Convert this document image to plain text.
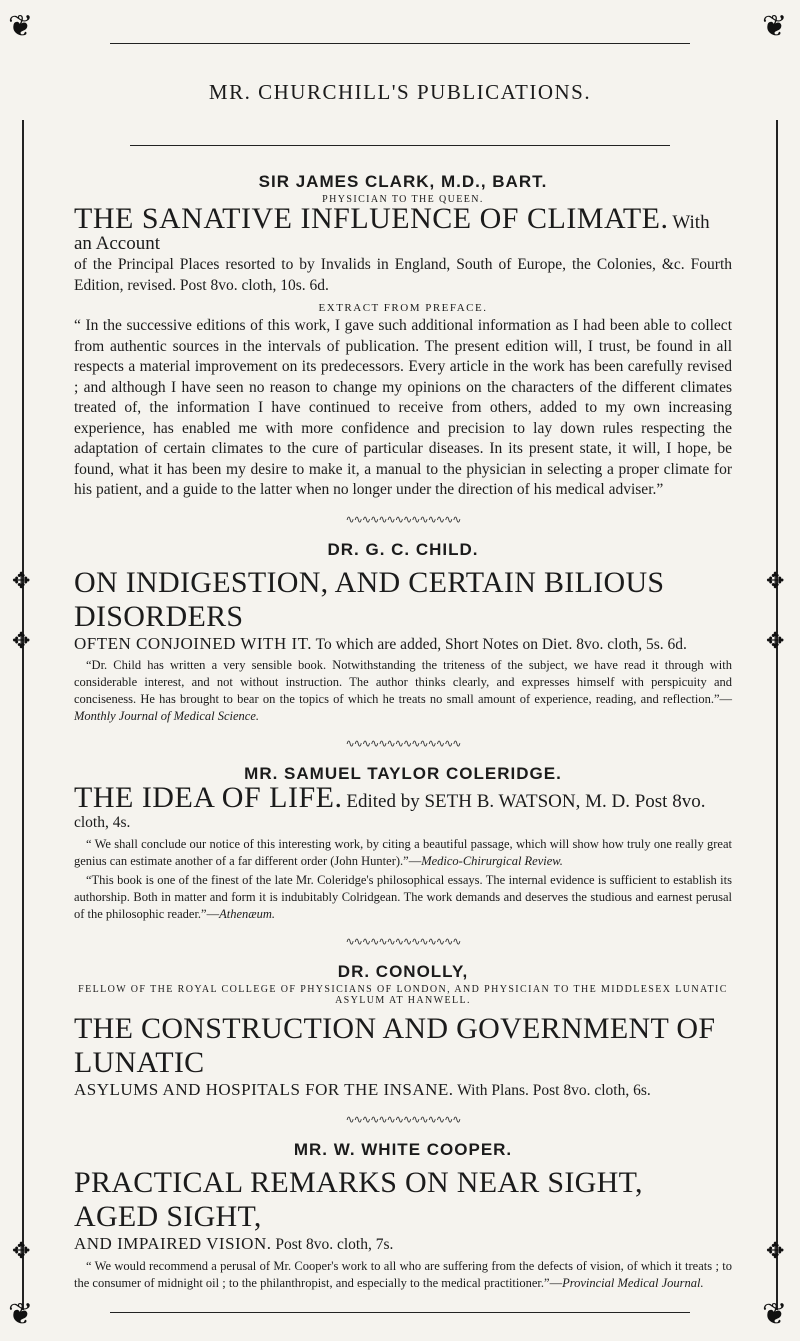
❦	❦
❦	❦
✥	✥
✥	✥
✥	✥
MR. CHURCHILL'S PUBLICATIONS.

SIR JAMES CLARK, M.D., BART.

PHYSICIAN TO THE QUEEN.

THE SANATIVE INFLUENCE OF CLIMATE. With an Account

of the Principal Places resorted to by Invalids in England, South of Europe, the Colonies, &c. Fourth Edition, revised. Post 8vo. cloth, 10s. 6d.

EXTRACT FROM PREFACE.

“ In the successive editions of this work, I gave such additional information as I had been able to collect from authentic sources in the intervals of publication. The present edition will, I trust, be found in all respects a material improvement on its predecessors. Every article in the work has been carefully revised ; and although I have seen no reason to change my opinions on the characters of the different climates treated of, the information I have continued to receive from others, added to my own increasing experience, has enabled me with more confidence and precision to lay down rules respecting the adaptation of certain climates to the cure of particular diseases. In its present state, it will, I hope, be found, what it has been my desire to make it, a manual to the physician in selecting a proper climate for his patient, and a guide to the latter when no longer under the direction of his medical adviser.”

∿∿∿∿∿∿∿∿∿∿∿∿∿∿

DR. G. C. CHILD.

ON INDIGESTION, AND CERTAIN BILIOUS DISORDERS

OFTEN CONJOINED WITH IT. To which are added, Short Notes on Diet. 8vo. cloth, 5s. 6d.

“Dr. Child has written a very sensible book. Notwithstanding the triteness of the subject, we have read it through with considerable interest, and not without instruction. The author thinks clearly, and expresses himself with perspicuity and conciseness. He has brought to bear on the topics of which he treats no small amount of experience, reading, and reflection.”—Monthly Journal of Medical Science.

∿∿∿∿∿∿∿∿∿∿∿∿∿∿

MR. SAMUEL TAYLOR COLERIDGE.

THE IDEA OF LIFE. Edited by SETH B. WATSON, M. D. Post 8vo.

cloth, 4s.

“ We shall conclude our notice of this interesting work, by citing a beautiful passage, which will show how truly one really great genius can estimate another of a far different order (John Hunter).”—Medico-Chirurgical Review.

“This book is one of the finest of the late Mr. Coleridge's philosophical essays. The internal evidence is sufficient to establish its authorship. Both in matter and form it is indubitably Colridgean. The work demands and deserves the studious and earnest perusal of the philosophic reader.”—Athenæum.

∿∿∿∿∿∿∿∿∿∿∿∿∿∿

DR. CONOLLY,

FELLOW OF THE ROYAL COLLEGE OF PHYSICIANS OF LONDON, AND PHYSICIAN TO THE MIDDLESEX LUNATIC ASYLUM AT HANWELL.

THE CONSTRUCTION AND GOVERNMENT OF LUNATIC

ASYLUMS AND HOSPITALS FOR THE INSANE. With Plans. Post 8vo. cloth, 6s.

∿∿∿∿∿∿∿∿∿∿∿∿∿∿

MR. W. WHITE COOPER.

PRACTICAL REMARKS ON NEAR SIGHT, AGED SIGHT,

AND IMPAIRED VISION. Post 8vo. cloth, 7s.

“ We would recommend a perusal of Mr. Cooper's work to all who are suffering from the defects of vision, of which it treats ; to the consumer of midnight oil ; to the philanthropist, and especially to the medical practitioner.”—Provincial Medical Journal.
